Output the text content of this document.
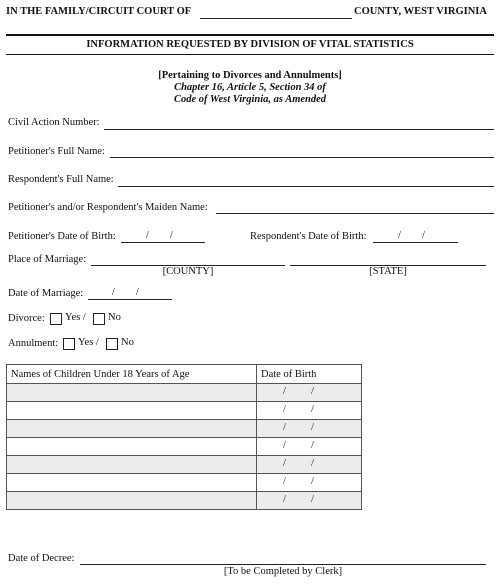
IN THE FAMILY/CIRCUIT COURT OF	COUNTY, WEST VIRGINIA
INFORMATION REQUESTED BY DIVISION OF VITAL STATISTICS
[Pertaining to Divorces and Annulments]
Chapter 16, Article 5, Section 34 of
Code of West Virginia, as Amended
Civil Action Number:
Petitioner's Full Name:
Respondent's Full Name:
Petitioner's and/or Respondent's Maiden Name:
Petitioner's Date of Birth:	/ /	Respondent's Date of Birth:	/ /
Place of Marriage:
[COUNTY]	[STATE]
Date of Marriage:	/ /
Divorce: Yes / No
Annulment: Yes / No
Names of Children Under 18 Years of Age	Date of Birth

	/ /

	/ /

	/ /

	/ /

	/ /

	/ /

	/ /
Date of Decree:
[To be Completed by Clerk]
